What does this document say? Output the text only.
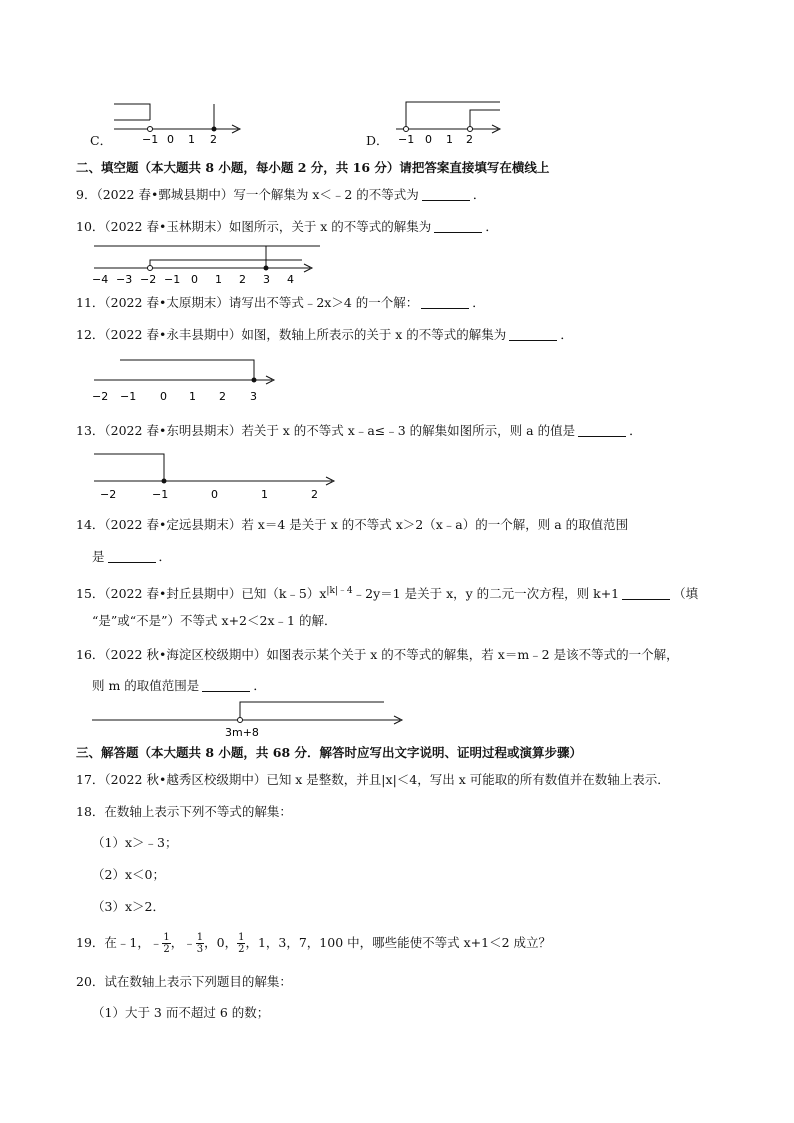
C．	−1 0 1 2	D． −1 0 1 2
二、填空题（本大题共 8 小题，每小题 2 分，共 16 分）请把答案直接填写在横线上
9．（2022 春•鄄城县期中）写一个解集为 x＜﹣2 的不等式为	．
10．（2022 春•玉林期末）如图所示，关于 x 的不等式的解集为	．
−4 −3 −2 −1 0 1 2 3 4
11．（2022 春•太原期末）请写出不等式﹣2x＞4 的一个解：	．
12．（2022 春•永丰县期中）如图，数轴上所表示的关于 x 的不等式的解集为	．
−2 −1 0 1 2 3
13．（2022 春•东明县期末）若关于 x 的不等式 x﹣a≤﹣3 的解集如图所示，则 a 的值是	．
−2	−1	0	1	2
14．（2022 春•定远县期末）若 x＝4 是关于 x 的不等式 x＞2（x﹣a）的一个解，则 a 的取值范围
是	．
15．（2022 春•封丘县期中）已知$(k﹣5)x^{|k|﹣4}﹣2y=1$ 是关于 x，y 的二元一次方程，则 k+1	（填
“是”或“不是”）不等式 x+2＜2x﹣1 的解．
16．（2022 秋•海淀区校级期中）如图表示某个关于 x 的不等式的解集，若 x＝m﹣2 是该不等式的一个解，
则 m 的取值范围是	．
3m+8
三、解答题（本大题共 8 小题，共 68 分．解答时应写出文字说明、证明过程或演算步骤）
17．（2022 秋•越秀区校级期中）已知 x 是整数，并且|x|＜4，写出 x 可能取的所有数值并在数轴上表示．
18．在数轴上表示下列不等式的解集：
（1）x＞﹣3；
（2）x＜0；
（3）x＞2．
19．在﹣1，﹣ $\frac{1}{2}$ ，﹣ $\frac{1}{3}$ ，0， $\frac{1}{2}$ ，1，3，7，100 中，哪些能使不等式 x+1＜2 成立？
20．试在数轴上表示下列题目的解集：
（1）大于 3 而不超过 6 的数；
